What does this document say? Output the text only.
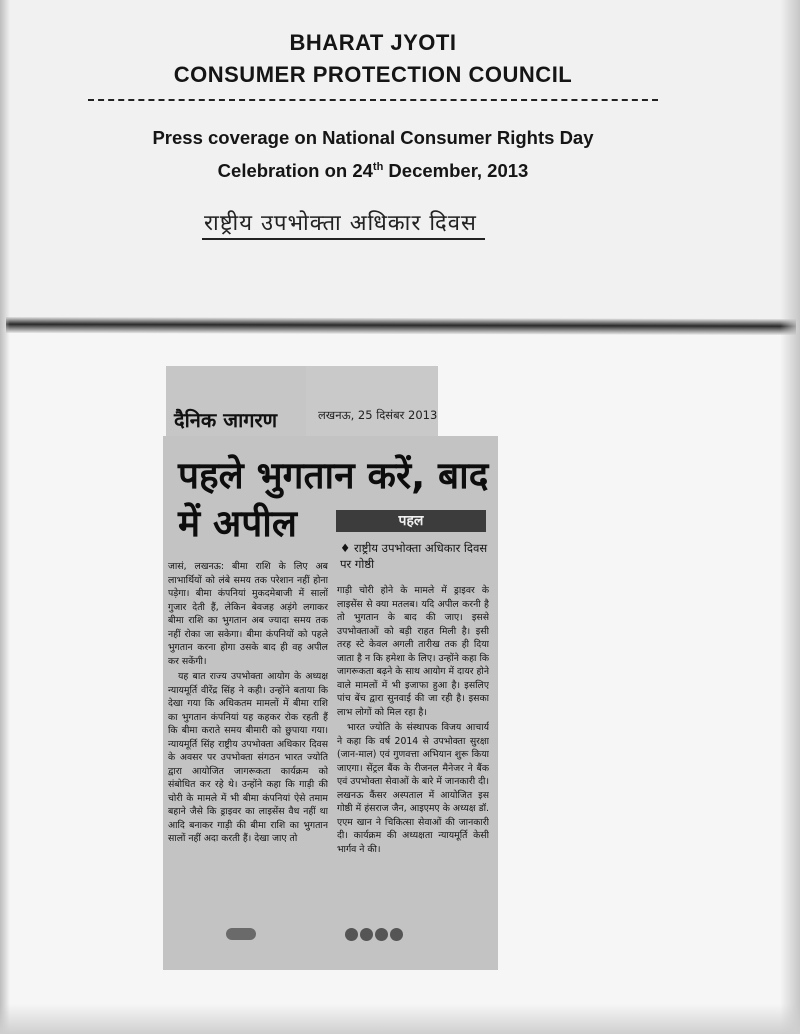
BHARAT JYOTI
CONSUMER PROTECTION COUNCIL
Press coverage on National Consumer Rights Day
Celebration on 24th December, 2013
राष्ट्रीय उपभोक्ता अधिकार दिवस
दैनिक जागरण	लखनऊ, 25 दिसंबर 2013
पहले भुगतान करें, बाद
में अपील	पहल
♦ राष्ट्रीय उपभोक्ता अधिकार दिवस पर गोष्ठी

जासं, लखनऊ: बीमा राशि के लिए अब लाभार्थियों को लंबे समय तक परेशान नहीं होना पड़ेगा। बीमा कंपनियां मुकदमेबाजी में सालों गुजार देती हैं, लेकिन बेवजह अड़ंगे लगाकर बीमा राशि का भुगतान अब ज्यादा समय तक नहीं रोका जा सकेगा। बीमा कंपनियों को पहले भुगतान करना होगा उसके बाद ही वह अपील कर सकेंगी।

यह बात राज्य उपभोक्ता आयोग के अध्यक्ष न्यायमूर्ति वीरेंद्र सिंह ने कही। उन्होंने बताया कि देखा गया कि अधिकतम मामलों में बीमा राशि का भुगतान कंपनियां यह कहकर रोक रहती हैं कि बीमा कराते समय बीमारी को छुपाया गया। न्यायमूर्ति सिंह राष्ट्रीय उपभोक्ता अधिकार दिवस के अवसर पर उपभोक्ता संगठन भारत ज्योति द्वारा आयोजित जागरूकता कार्यक्रम को संबोधित कर रहे थे। उन्होंने कहा कि गाड़ी की चोरी के मामले में भी बीमा कंपनियां ऐसे तमाम बहाने जैसे कि ड्राइवर का लाइसेंस वैध नहीं था आदि बनाकर गाड़ी की बीमा राशि का भुगतान सालों नहीं अदा करती हैं। देखा जाए तो

गाड़ी चोरी होने के मामले में ड्राइवर के लाइसेंस से क्या मतलब। यदि अपील करनी है तो भुगतान के बाद की जाए। इससे उपभोक्ताओं को बड़ी राहत मिली है। इसी तरह स्टे केवल अगली तारीख तक ही दिया जाता है न कि हमेशा के लिए। उन्होंने कहा कि जागरूकता बढ़ने के साथ आयोग में दायर होने वाले मामलों में भी इजाफा हुआ है। इसलिए पांच बेंच द्वारा सुनवाई की जा रही है। इसका लाभ लोगों को मिल रहा है।

भारत ज्योति के संस्थापक विजय आचार्य ने कहा कि वर्ष 2014 से उपभोक्ता सुरक्षा (जान-माल) एवं गुणवत्ता अभियान शुरू किया जाएगा। सेंट्रल बैंक के रीजनल मैनेजर ने बैंक एवं उपभोक्ता सेवाओं के बारे में जानकारी दी। लखनऊ कैंसर अस्पताल में आयोजित इस गोष्ठी में हंसराज जैन, आइएमए के अध्यक्ष डॉ. एएम खान ने चिकित्सा सेवाओं की जानकारी दी। कार्यक्रम की अध्यक्षता न्यायमूर्ति केसी भार्गव ने की।
